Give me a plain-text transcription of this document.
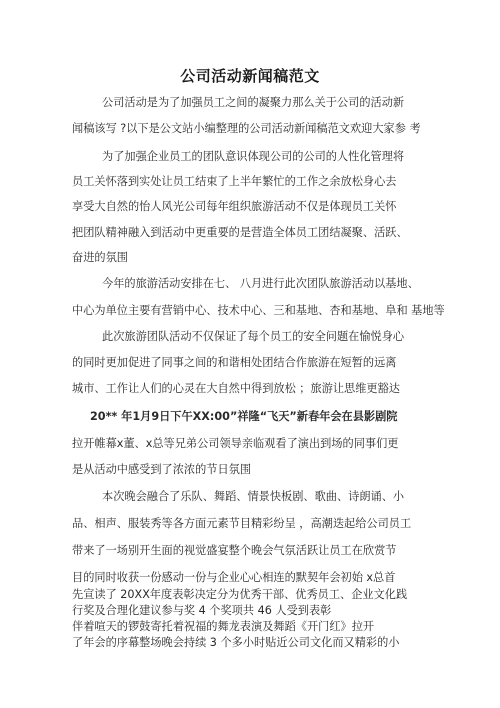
公司活动新闻稿范文
公司活动是为了加强员工之间的凝聚力那么关于公司的活动新
闻稿该写 ?以下是公文站小编整理的公司活动新闻稿范文欢迎大家参 考
为了加强企业员工的团队意识体现公司的公司的人性化管理将
员工关怀落到实处让员工结束了上半年繁忙的工作之余放松身心去
享受大自然的怡人风光公司每年组织旅游活动不仅是体现员工关怀
把团队精神融入到活动中更重要的是营造全体员工团结凝聚、活跃、
奋进的氛围
今年的旅游活动安排在七、 八月进行此次团队旅游活动以基地、
中心为单位主要有营销中心、技术中心、三和基地、杏和基地、阜和 基地等
此次旅游团队活动不仅保证了每个员工的安全问题在愉悦身心
的同时更加促进了同事之间的和谐相处团结合作旅游在短暂的远离
城市、工作让人们的心灵在大自然中得到放松 ；旅游让思维更豁达
20** 年1月9日下午XX:00”祥隆“飞天”新春年会在县影剧院
拉开帷幕x董、x总等兄弟公司领导亲临观看了演出到场的同事们更
是从活动中感受到了浓浓的节日氛围
本次晚会融合了乐队、舞蹈、情景快板剧、歌曲、诗朗诵、小
品、相声、服装秀等各方面元素节目精彩纷呈 ，高潮迭起给公司员工
带来了一场别开生面的视觉盛宴整个晚会气氛活跃让员工在欣赏节
目的同时收获一份感动一份与企业心心相连的默契年会初始 x总首
先宣读了 20XX年度表彰决定分为优秀干部、优秀员工、企业文化践
行奖及合理化建议参与奖 4 个奖项共 46 人受到表彰
伴着喧天的锣鼓寄托着祝福的舞龙表演及舞蹈《开门红》拉开
了年会的序幕整场晚会持续 3 个多小时贴近公司文化而又精彩的小
